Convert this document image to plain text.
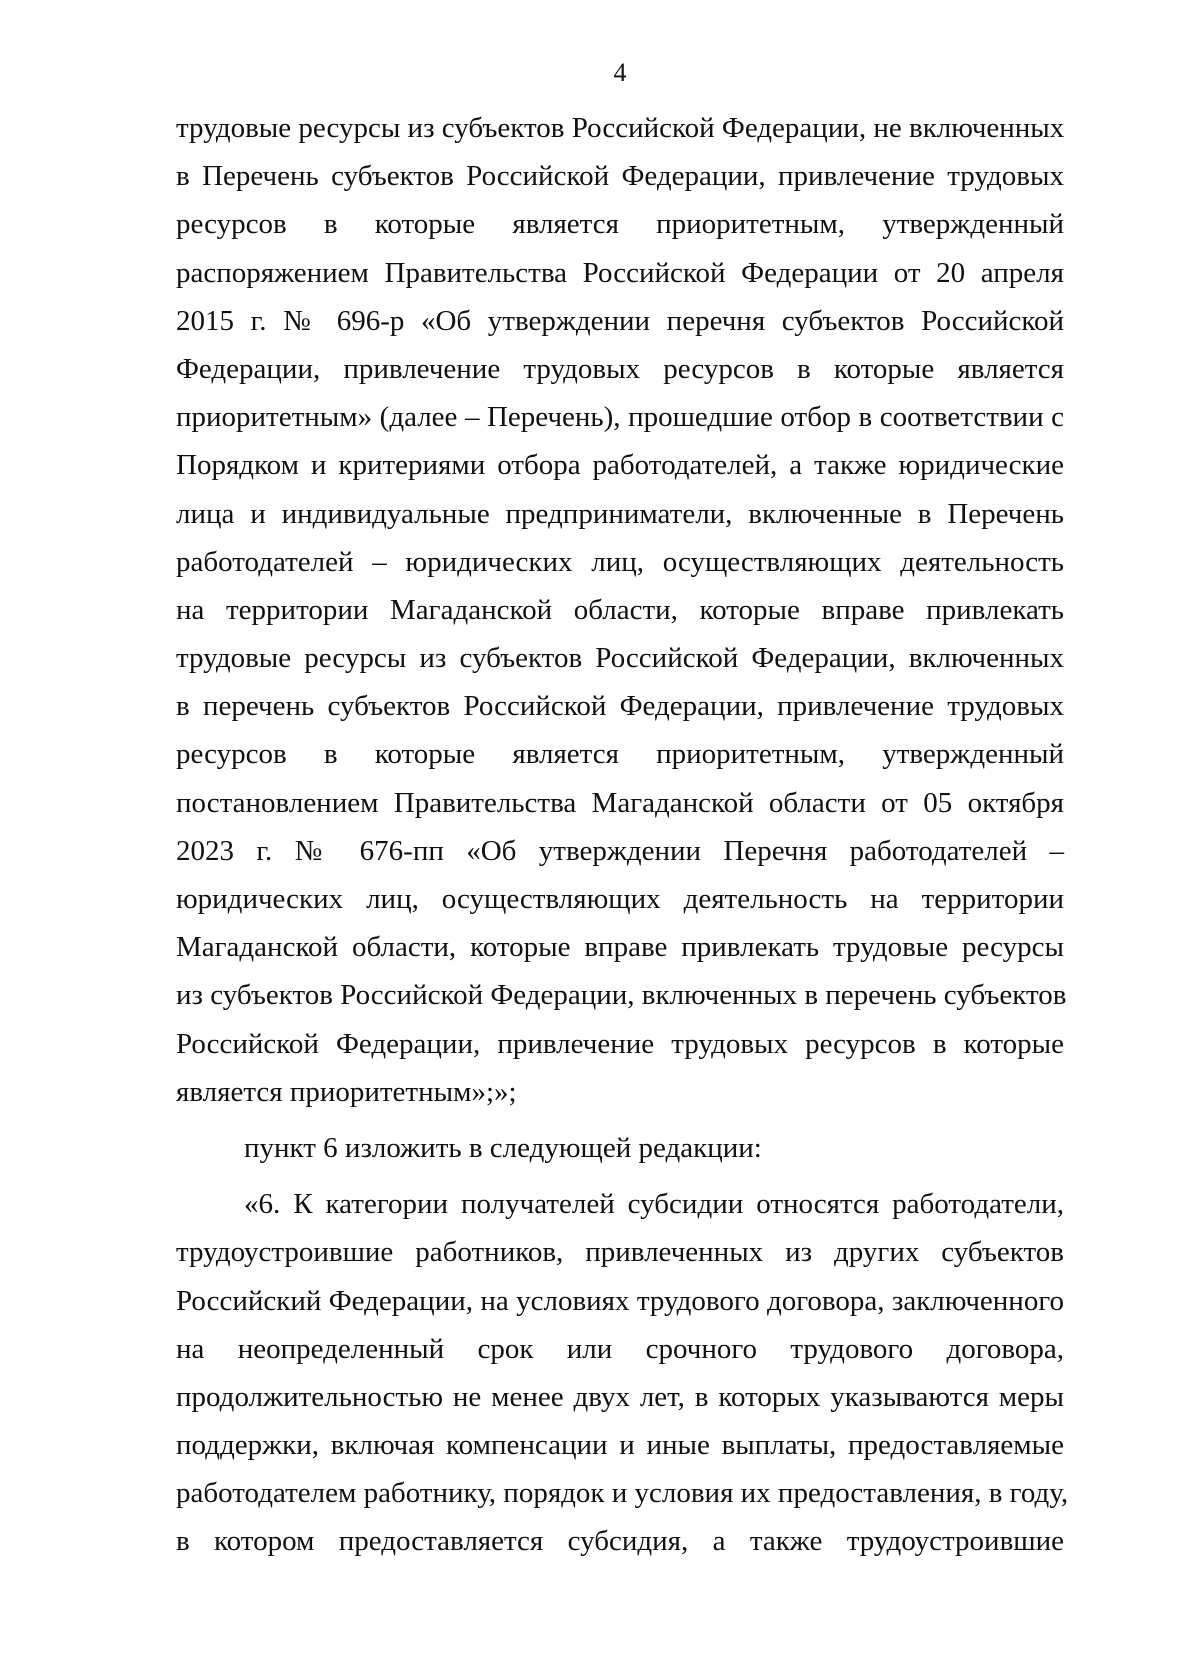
4
трудовые ресурсы из субъектов Российской Федерации, не включенных
в Перечень субъектов Российской Федерации, привлечение трудовых
ресурсов в которые является приоритетным, утвержденный
распоряжением Правительства Российской Федерации от 20 апреля
2015 г. № 696-р «Об утверждении перечня субъектов Российской
Федерации, привлечение трудовых ресурсов в которые является
приоритетным» (далее – Перечень), прошедшие отбор в соответствии с
Порядком и критериями отбора работодателей, а также юридические
лица и индивидуальные предприниматели, включенные в Перечень
работодателей – юридических лиц, осуществляющих деятельность
на территории Магаданской области, которые вправе привлекать
трудовые ресурсы из субъектов Российской Федерации, включенных
в перечень субъектов Российской Федерации, привлечение трудовых
ресурсов в которые является приоритетным, утвержденный
постановлением Правительства Магаданской области от 05 октября
2023 г. № 676-пп «Об утверждении Перечня работодателей –
юридических лиц, осуществляющих деятельность на территории
Магаданской области, которые вправе привлекать трудовые ресурсы
из субъектов Российской Федерации, включенных в перечень субъектов
Российской Федерации, привлечение трудовых ресурсов в которые
является приоритетным»;»;
пункт 6 изложить в следующей редакции:
«6. К категории получателей субсидии относятся работодатели,
трудоустроившие работников, привлеченных из других субъектов
Российский Федерации, на условиях трудового договора, заключенного
на неопределенный срок или срочного трудового договора,
продолжительностью не менее двух лет, в которых указываются меры
поддержки, включая компенсации и иные выплаты, предоставляемые
работодателем работнику, порядок и условия их предоставления, в году,
в котором предоставляется субсидия, а также трудоустроившие
